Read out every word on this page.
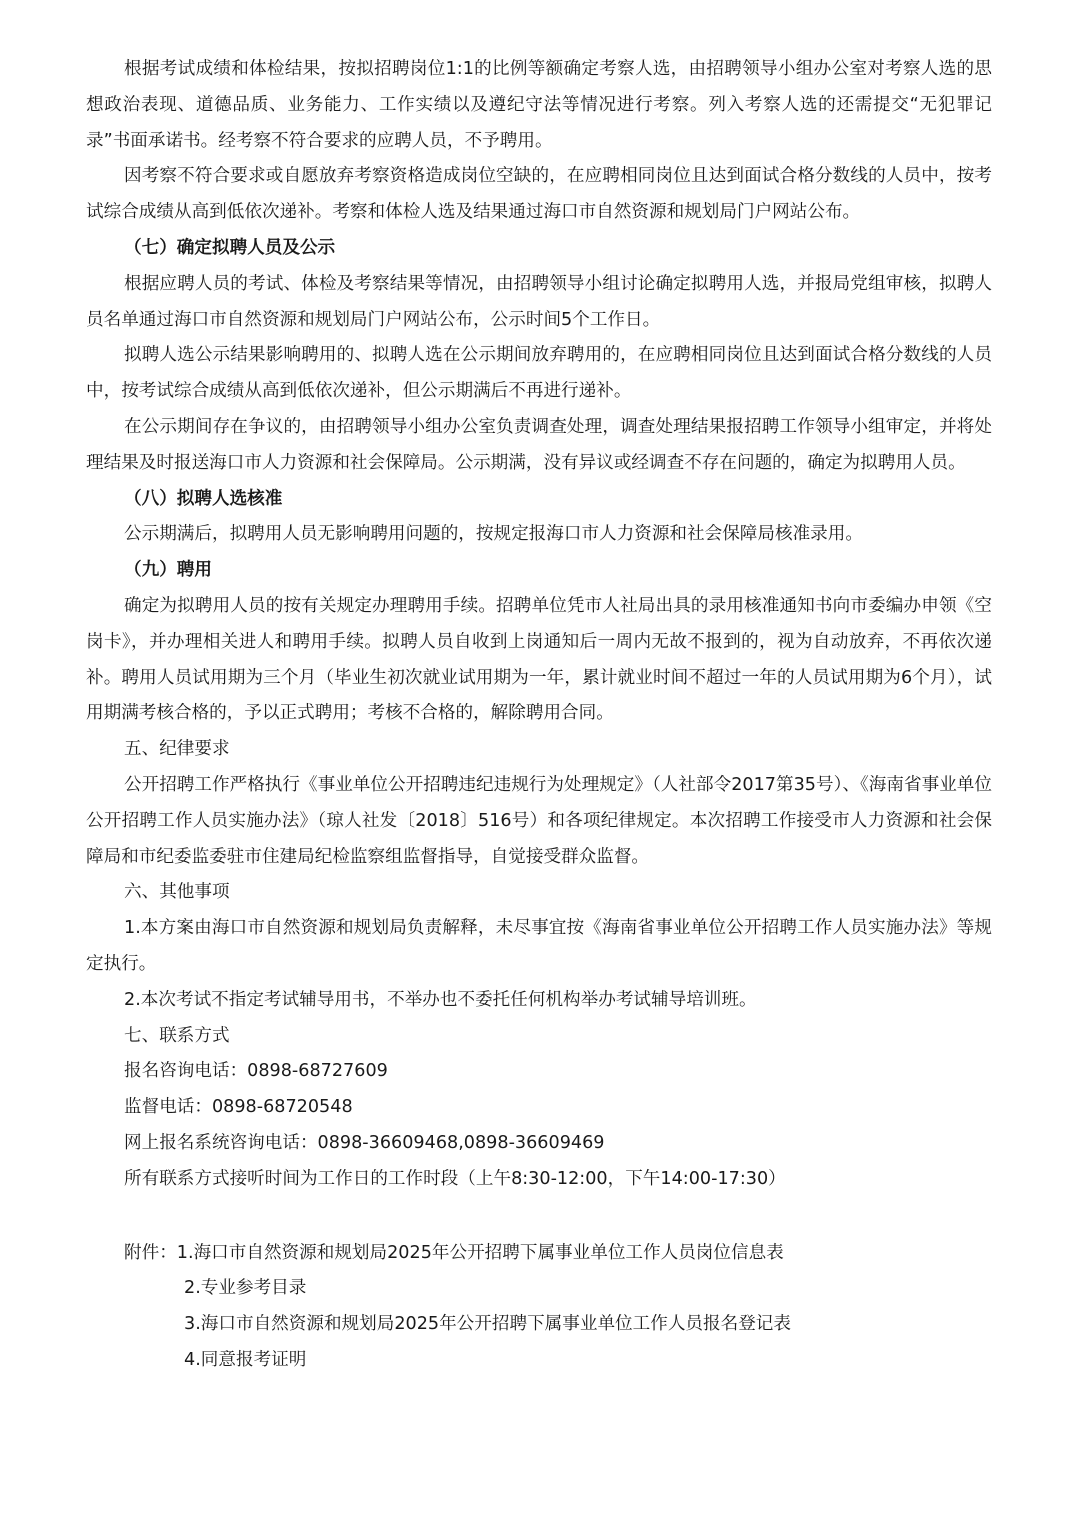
根据考试成绩和体检结果，按拟招聘岗位1:1的比例等额确定考察人选，由招聘领导小组办公室对考察人选的思想政治表现、道德品质、业务能力、工作实绩以及遵纪守法等情况进行考察。列入考察人选的还需提交“无犯罪记录”书面承诺书。经考察不符合要求的应聘人员，不予聘用。

因考察不符合要求或自愿放弃考察资格造成岗位空缺的，在应聘相同岗位且达到面试合格分数线的人员中，按考试综合成绩从高到低依次递补。考察和体检人选及结果通过海口市自然资源和规划局门户网站公布。

（七）确定拟聘人员及公示

根据应聘人员的考试、体检及考察结果等情况，由招聘领导小组讨论确定拟聘用人选，并报局党组审核，拟聘人员名单通过海口市自然资源和规划局门户网站公布，公示时间5个工作日。

拟聘人选公示结果影响聘用的、拟聘人选在公示期间放弃聘用的，在应聘相同岗位且达到面试合格分数线的人员中，按考试综合成绩从高到低依次递补，但公示期满后不再进行递补。

在公示期间存在争议的，由招聘领导小组办公室负责调查处理，调查处理结果报招聘工作领导小组审定，并将处理结果及时报送海口市人力资源和社会保障局。公示期满，没有异议或经调查不存在问题的，确定为拟聘用人员。

（八）拟聘人选核准

公示期满后，拟聘用人员无影响聘用问题的，按规定报海口市人力资源和社会保障局核准录用。

（九）聘用

确定为拟聘用人员的按有关规定办理聘用手续。招聘单位凭市人社局出具的录用核准通知书向市委编办申领《空岗卡》，并办理相关进人和聘用手续。拟聘人员自收到上岗通知后一周内无故不报到的，视为自动放弃，不再依次递补。聘用人员试用期为三个月（毕业生初次就业试用期为一年，累计就业时间不超过一年的人员试用期为6个月），试用期满考核合格的，予以正式聘用；考核不合格的，解除聘用合同。

五、纪律要求

公开招聘工作严格执行《事业单位公开招聘违纪违规行为处理规定》（人社部令2017第35号）、《海南省事业单位公开招聘工作人员实施办法》（琼人社发〔2018〕516号）和各项纪律规定。本次招聘工作接受市人力资源和社会保障局和市纪委监委驻市住建局纪检监察组监督指导，自觉接受群众监督。

六、其他事项

1.本方案由海口市自然资源和规划局负责解释，未尽事宜按《海南省事业单位公开招聘工作人员实施办法》等规定执行。

2.本次考试不指定考试辅导用书，不举办也不委托任何机构举办考试辅导培训班。

七、联系方式

报名咨询电话：0898-68727609

监督电话：0898-68720548

网上报名系统咨询电话：0898-36609468,0898-36609469

所有联系方式接听时间为工作日的工作时段（上午8:30-12:00，下午14:00-17:30）

附件： 1.海口市自然资源和规划局2025年公开招聘下属事业单位工作人员岗位信息表

2.专业参考目录

3.海口市自然资源和规划局2025年公开招聘下属事业单位工作人员报名登记表

4.同意报考证明
